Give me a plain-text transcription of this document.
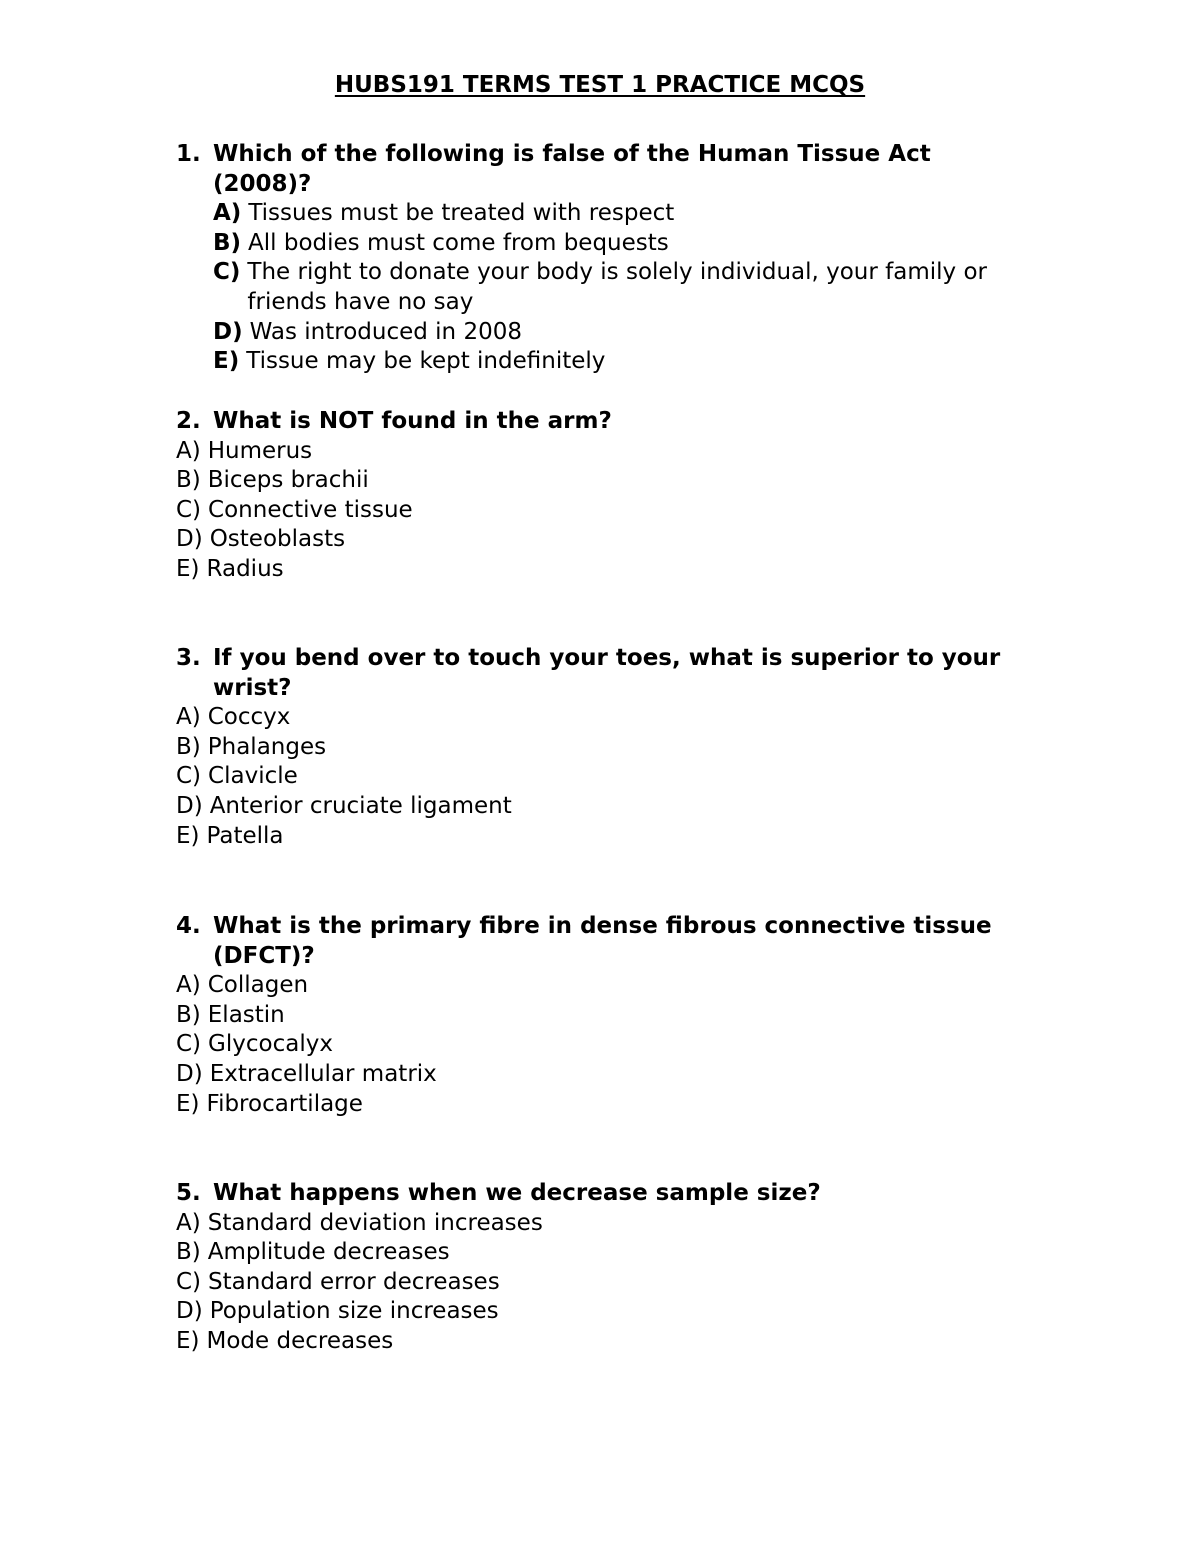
HUBS191 TERMS TEST 1 PRACTICE MCQS
1. Which of the following is false of the Human Tissue Act (2008)?
A) Tissues must be treated with respect
B) All bodies must come from bequests
C) The right to donate your body is solely individual, your family or friends have no say
D) Was introduced in 2008
E) Tissue may be kept indefinitely
2. What is NOT found in the arm?
A) Humerus
B) Biceps brachii
C) Connective tissue
D) Osteoblasts
E) Radius
3. If you bend over to touch your toes, what is superior to your wrist?
A) Coccyx
B) Phalanges
C) Clavicle
D) Anterior cruciate ligament
E) Patella
4. What is the primary fibre in dense fibrous connective tissue (DFCT)?
A) Collagen
B) Elastin
C) Glycocalyx
D) Extracellular matrix
E) Fibrocartilage
5. What happens when we decrease sample size?
A) Standard deviation increases
B) Amplitude decreases
C) Standard error decreases
D) Population size increases
E) Mode decreases
